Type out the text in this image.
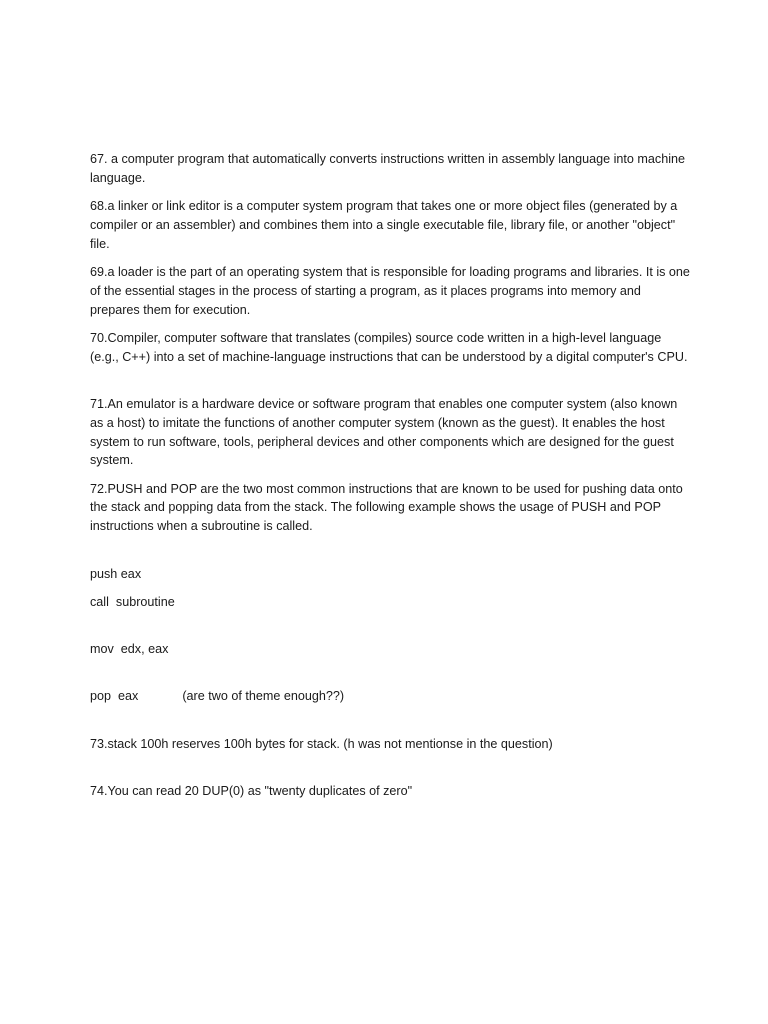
67. a computer program that automatically converts instructions written in assembly language into machine language.

68.a linker or link editor is a computer system program that takes one or more object files (generated by a compiler or an assembler) and combines them into a single executable file, library file, or another "object" file.

69.a loader is the part of an operating system that is responsible for loading programs and libraries. It is one of the essential stages in the process of starting a program, as it places programs into memory and prepares them for execution.

70.Compiler, computer software that translates (compiles) source code written in a high-level language (e.g., C++) into a set of machine-language instructions that can be understood by a digital computer's CPU.

71.An emulator is a hardware device or software program that enables one computer system (also known as a host) to imitate the functions of another computer system (known as the guest). It enables the host system to run software, tools, peripheral devices and other components which are designed for the guest system.

72.PUSH and POP are the two most common instructions that are known to be used for pushing data onto the stack and popping data from the stack. The following example shows the usage of PUSH and POP instructions when a subroutine is called.

push eax

call  subroutine

mov  edx, eax

pop  eax	(are two of theme enough??)

73.stack 100h reserves 100h bytes for stack. (h was not mentionse in the question)

74.You can read 20 DUP(0) as "twenty duplicates of zero"
